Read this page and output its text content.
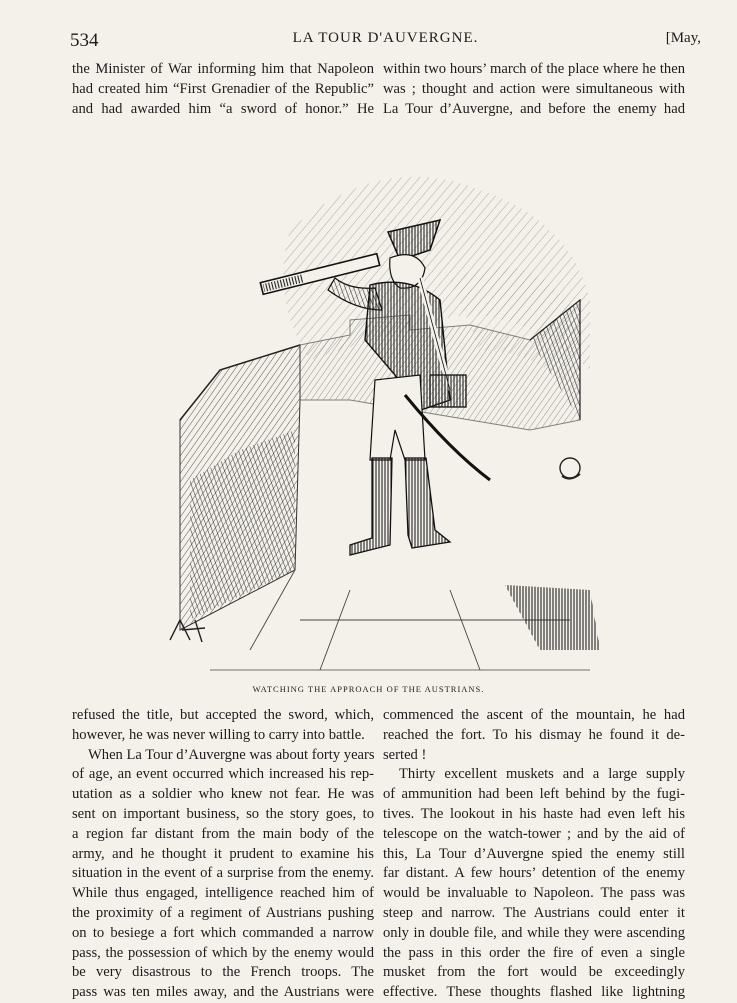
534	LA TOUR D'AUVERGNE.	[May,
the Minister of War informing him that Napoleon
had created him “First Grenadier of the Republic”
and had awarded him “a sword of honor.” He
within two hours’ march of the place where he then
was ; thought and action were simultaneous with
La Tour d’Auvergne, and before the enemy had
WATCHING THE APPROACH OF THE AUSTRIANS.
refused the title, but accepted the sword, which,
however, he was never willing to carry into battle.
When La Tour d’Auvergne was about forty years
of age, an event occurred which increased his rep-
utation as a soldier who knew not fear. He was
sent on important business, so the story goes, to
a region far distant from the main body of the
army, and he thought it prudent to examine his
situation in the event of a surprise from the enemy.
While thus engaged, intelligence reached him of
the proximity of a regiment of Austrians pushing
on to besiege a fort which commanded a narrow
pass, the possession of which by the enemy would
be very disastrous to the French troops. The
pass was ten miles away, and the Austrians were
commenced the ascent of the mountain, he had
reached the fort. To his dismay he found it de-
serted !
Thirty excellent muskets and a large supply
of ammunition had been left behind by the fugi-
tives. The lookout in his haste had even left his
telescope on the watch-tower ; and by the aid of
this, La Tour d’Auvergne spied the enemy still
far distant. A few hours’ detention of the enemy
would be invaluable to Napoleon. The pass was
steep and narrow. The Austrians could enter it
only in double file, and while they were ascending
the pass in this order the fire of even a single
musket from the fort would be exceedingly
effective. These thoughts flashed like lightning
